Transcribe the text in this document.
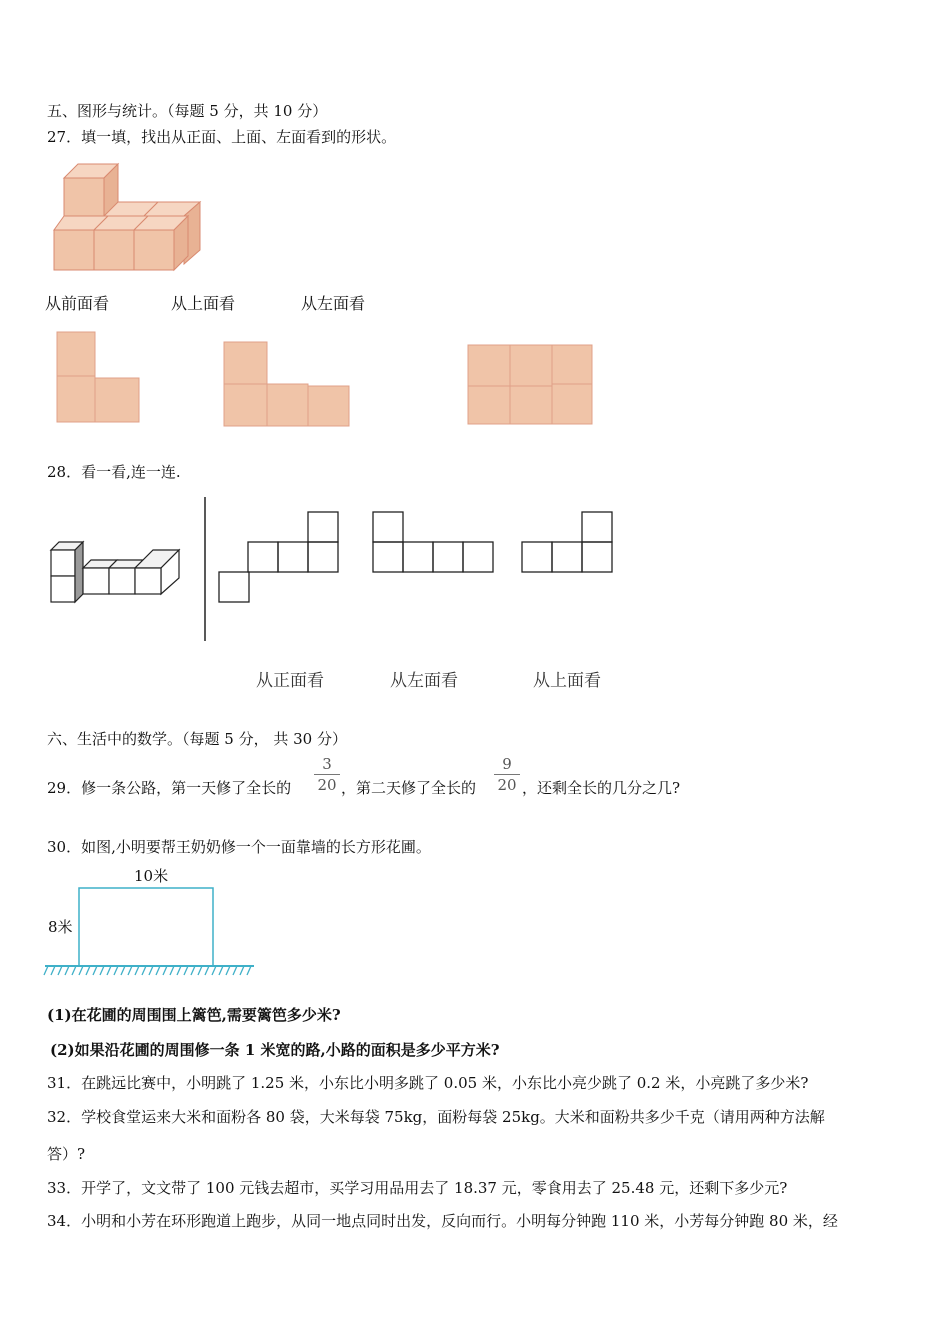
五、图形与统计。（每题 5 分，共 10 分）
27．填一填，找出从正面、上面、左面看到的形状。
从前面看	从上面看	从左面看
28．看一看,连一连.
从正面看	从左面看	从上面看
六、生活中的数学。（每题 5 分， 共 30 分）
29．修一条公路，第一天修了全长的
3
20 ，第二天修了全长的
9
20 ，还剩全长的几分之几?
30．如图,小明要帮王奶奶修一个一面靠墙的长方形花圃。
10米
8米
(1)在花圃的周围围上篱笆,需要篱笆多少米?
(2)如果沿花圃的周围修一条 1 米宽的路,小路的面积是多少平方米?
31．在跳远比赛中，小明跳了 1.25 米，小东比小明多跳了 0.05 米，小东比小亮少跳了 0.2 米，小亮跳了多少米?
32．学校食堂运来大米和面粉各 80 袋，大米每袋 75kg，面粉每袋 25kg。大米和面粉共多少千克（请用两种方法解
答）?
33．开学了，文文带了 100 元钱去超市，买学习用品用去了 18.37 元，零食用去了 25.48 元，还剩下多少元?
34．小明和小芳在环形跑道上跑步，从同一地点同时出发，反向而行。小明每分钟跑 110 米，小芳每分钟跑 80 米，经
